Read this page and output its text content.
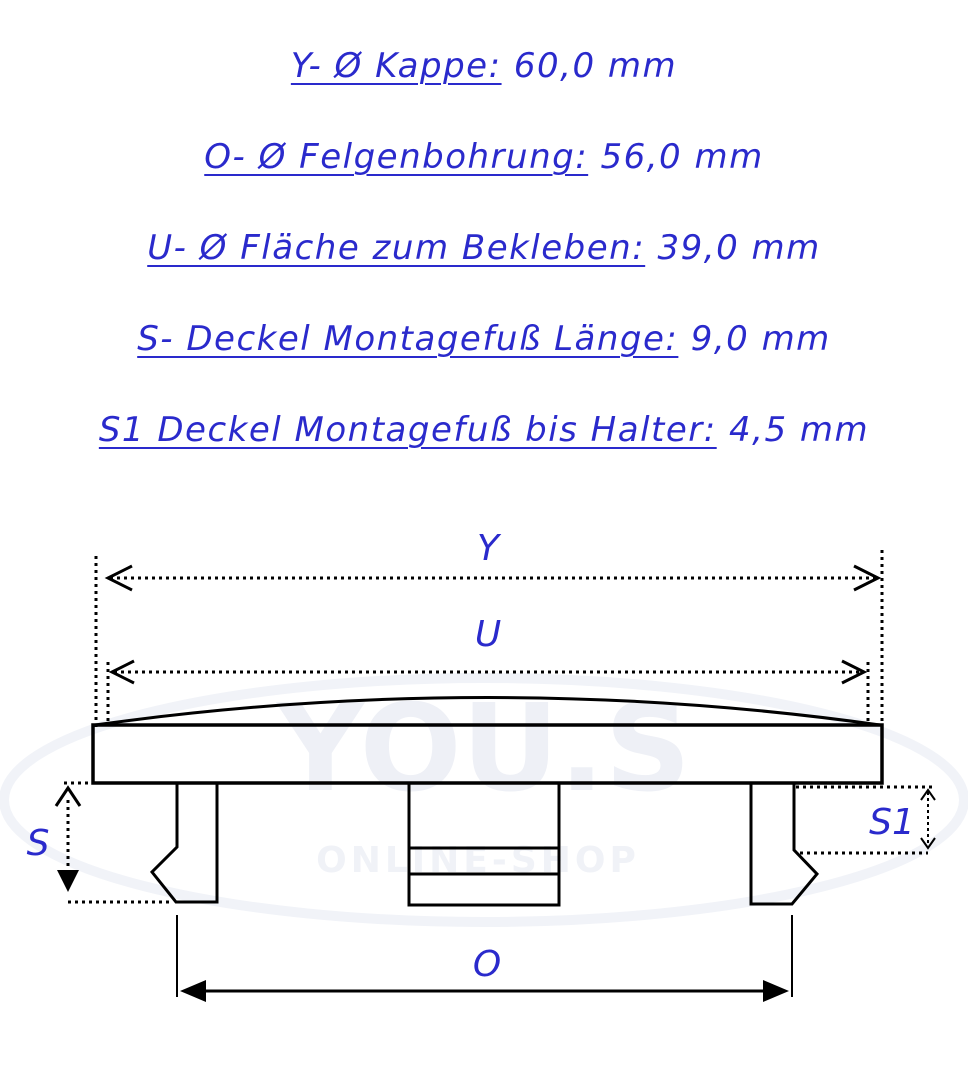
Y- Ø Kappe: 60,0 mm
O- Ø Felgenbohrung: 56,0 mm
U- Ø Fläche zum Bekleben: 39,0 mm
S- Deckel Montagefuß Länge: 9,0 mm
S1 Deckel Montagefuß bis Halter: 4,5 mm
YOU.S
ONLINE-SHOP
Y
U
S
S1
O
